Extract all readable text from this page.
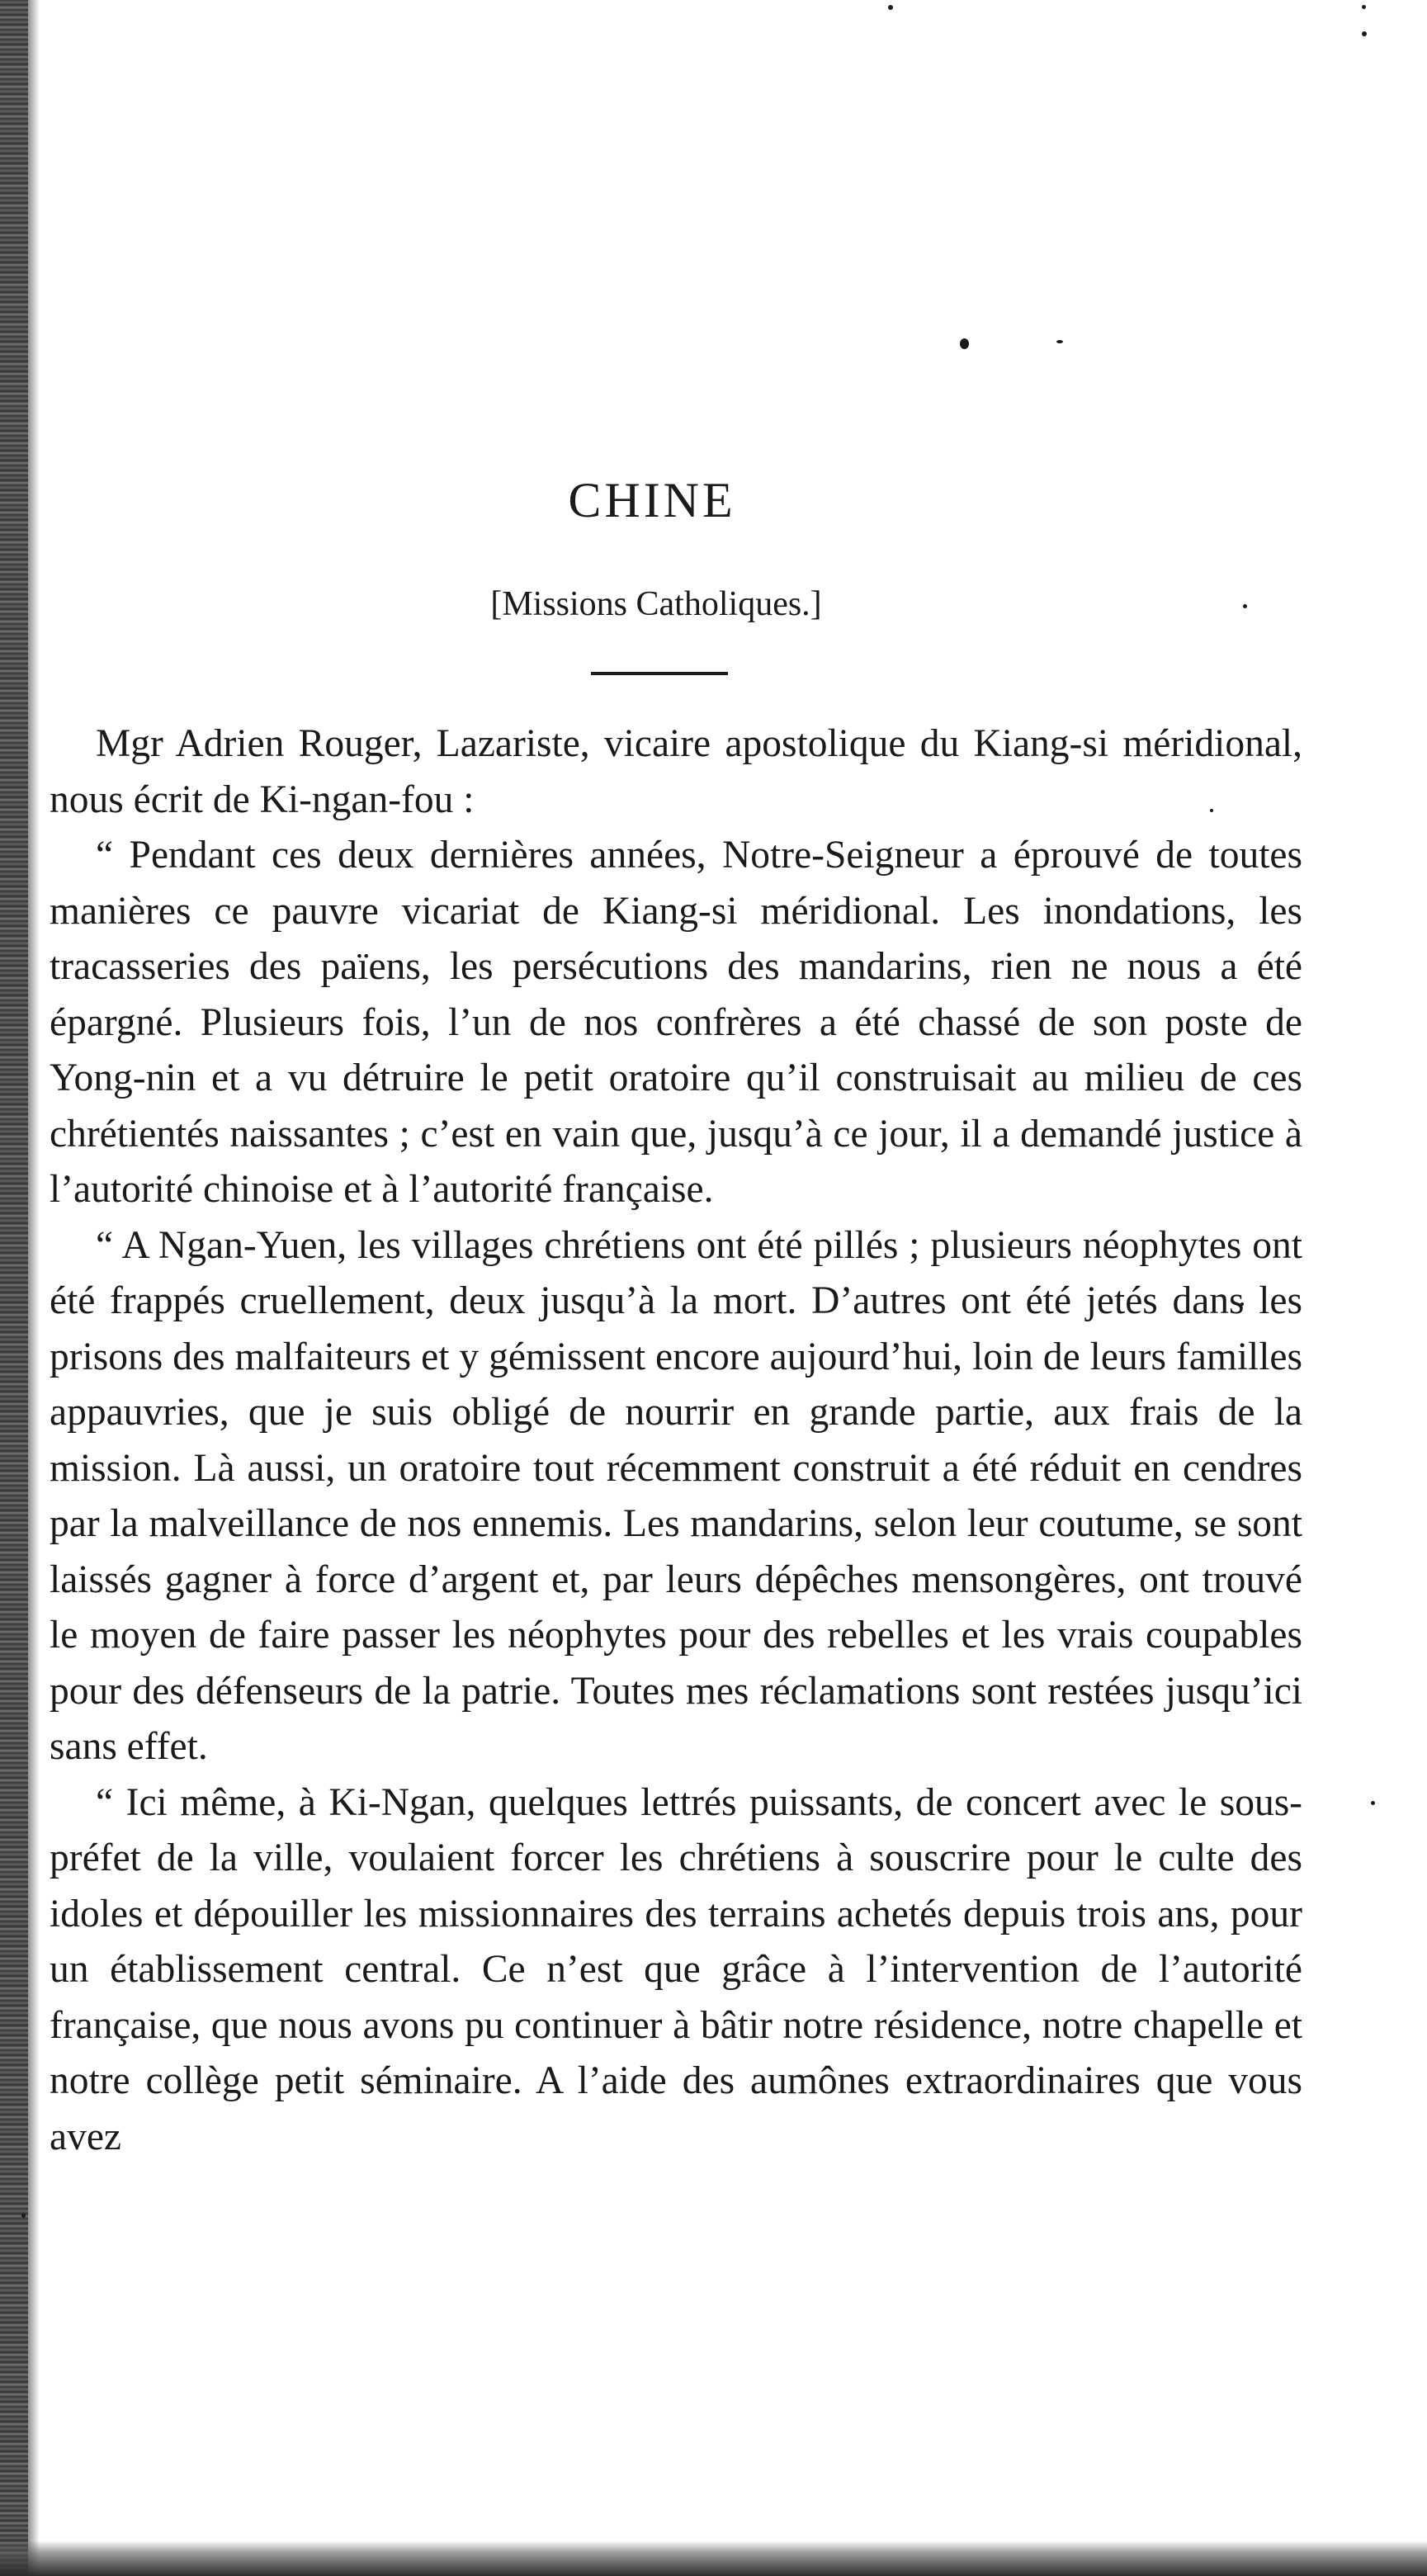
CHINE
[Missions Catholiques.]

Mgr Adrien Rouger, Lazariste, vicaire apostolique du Kiang-si méridional, nous écrit de Ki-ngan-fou :

“ Pendant ces deux dernières années, Notre-Seigneur a éprouvé de toutes manières ce pauvre vicariat de Kiang-si méridional. Les inondations, les tracasseries des païens, les persécutions des mandarins, rien ne nous a été épargné. Plusieurs fois, l’un de nos confrères a été chassé de son poste de Yong-nin et a vu détruire le petit oratoire qu’il construisait au milieu de ces chrétientés naissantes ; c’est en vain que, jusqu’à ce jour, il a demandé justice à l’autorité chinoise et à l’autorité française.

“ A Ngan-Yuen, les villages chrétiens ont été pillés ; plusieurs néophytes ont été frappés cruellement, deux jusqu’à la mort. D’autres ont été jetés dans les prisons des malfaiteurs et y gémissent encore aujourd’hui, loin de leurs familles appauvries, que je suis obligé de nourrir en grande partie, aux frais de la mission. Là aussi, un oratoire tout récemment construit a été réduit en cendres par la malveillance de nos ennemis. Les mandarins, selon leur coutume, se sont laissés gagner à force d’argent et, par leurs dépêches mensongères, ont trouvé le moyen de faire passer les néophytes pour des rebelles et les vrais coupables pour des défenseurs de la patrie. Toutes mes réclamations sont restées jusqu’ici sans effet.

“ Ici même, à Ki-Ngan, quelques lettrés puissants, de concert avec le sous-préfet de la ville, voulaient forcer les chrétiens à souscrire pour le culte des idoles et dépouiller les missionnaires des terrains achetés depuis trois ans, pour un établissement central. Ce n’est que grâce à l’intervention de l’autorité française, que nous avons pu continuer à bâtir notre résidence, notre chapelle et notre collège petit séminaire. A l’aide des aumônes extraordinaires que vous avez
